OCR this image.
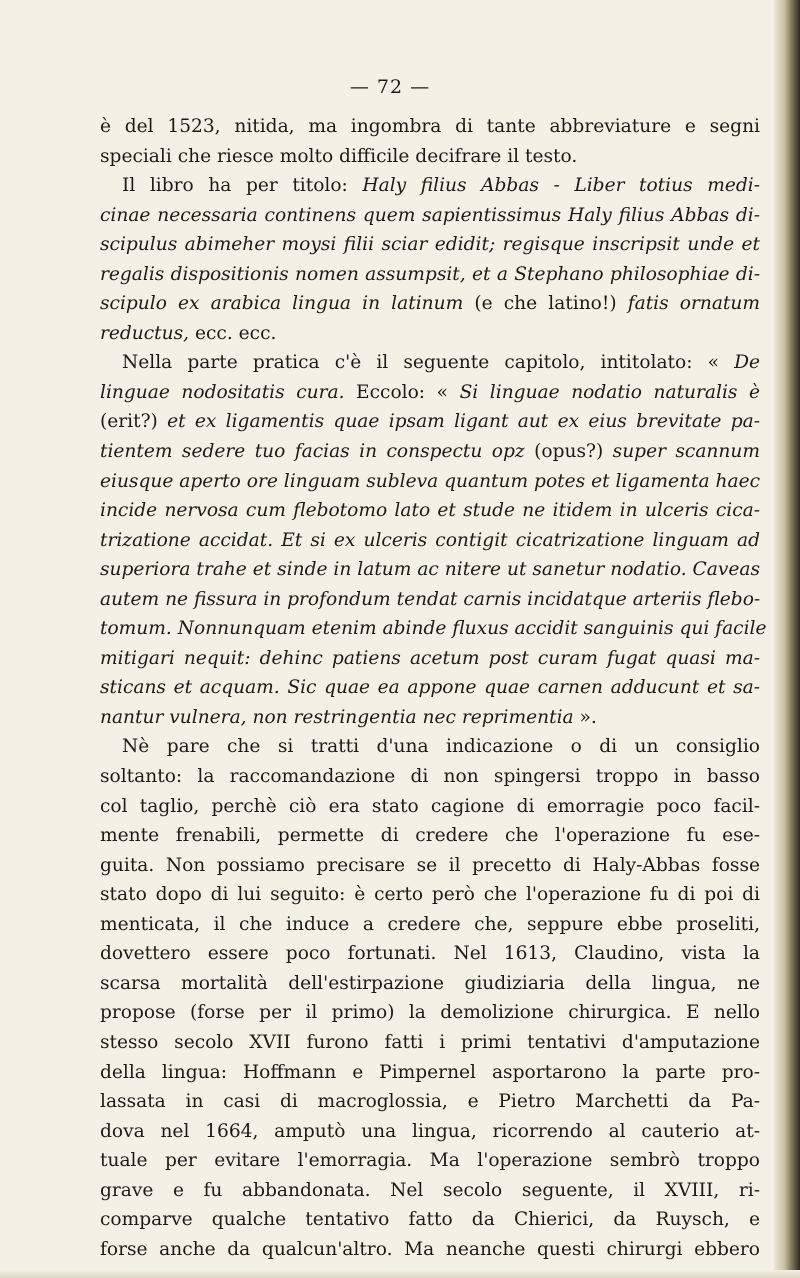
— 72 —
è del 1523, nitida, ma ingombra di tante abbreviature e segni
speciali che riesce molto difficile decifrare il testo.
Il libro ha per titolo: Haly filius Abbas - Liber totius medi-
cinae necessaria continens quem sapientissimus Haly filius Abbas di-
scipulus abimeher moysi filii sciar edidit; regisque inscripsit unde et
regalis dispositionis nomen assumpsit, et a Stephano philosophiae di-
scipulo ex arabica lingua in latinum (e che latino!) fatis ornatum
reductus, ecc. ecc.
Nella parte pratica c'è il seguente capitolo, intitolato: « De
linguae nodositatis cura. Eccolo: « Si linguae nodatio naturalis è
(erit?) et ex ligamentis quae ipsam ligant aut ex eius brevitate pa-
tientem sedere tuo facias in conspectu opz (opus?) super scannum
eiusque aperto ore linguam subleva quantum potes et ligamenta haec
incide nervosa cum flebotomo lato et stude ne itidem in ulceris cica-
trizatione accidat. Et si ex ulceris contigit cicatrizatione linguam ad
superiora trahe et sinde in latum ac nitere ut sanetur nodatio. Caveas
autem ne fissura in profondum tendat carnis incidatque arteriis flebo-
tomum. Nonnunquam etenim abinde fluxus accidit sanguinis qui facile
mitigari nequit: dehinc patiens acetum post curam fugat quasi ma-
sticans et acquam. Sic quae ea appone quae carnen adducunt et sa-
nantur vulnera, non restringentia nec reprimentia ».
Nè pare che si tratti d'una indicazione o di un consiglio
soltanto: la raccomandazione di non spingersi troppo in basso
col taglio, perchè ciò era stato cagione di emorragie poco facil-
mente frenabili, permette di credere che l'operazione fu ese-
guita. Non possiamo precisare se il precetto di Haly-Abbas fosse
stato dopo di lui seguito: è certo però che l'operazione fu di poi di
menticata, il che induce a credere che, seppure ebbe proseliti,
dovettero essere poco fortunati. Nel 1613, Claudino, vista la
scarsa mortalità dell'estirpazione giudiziaria della lingua, ne
propose (forse per il primo) la demolizione chirurgica. E nello
stesso secolo XVII furono fatti i primi tentativi d'amputazione
della lingua: Hoffmann e Pimpernel asportarono la parte pro-
lassata in casi di macroglossia, e Pietro Marchetti da Pa-
dova nel 1664, amputò una lingua, ricorrendo al cauterio at-
tuale per evitare l'emorragia. Ma l'operazione sembrò troppo
grave e fu abbandonata. Nel secolo seguente, il XVIII, ri-
comparve qualche tentativo fatto da Chierici, da Ruysch, e
forse anche da qualcun'altro. Ma neanche questi chirurgi ebbero
